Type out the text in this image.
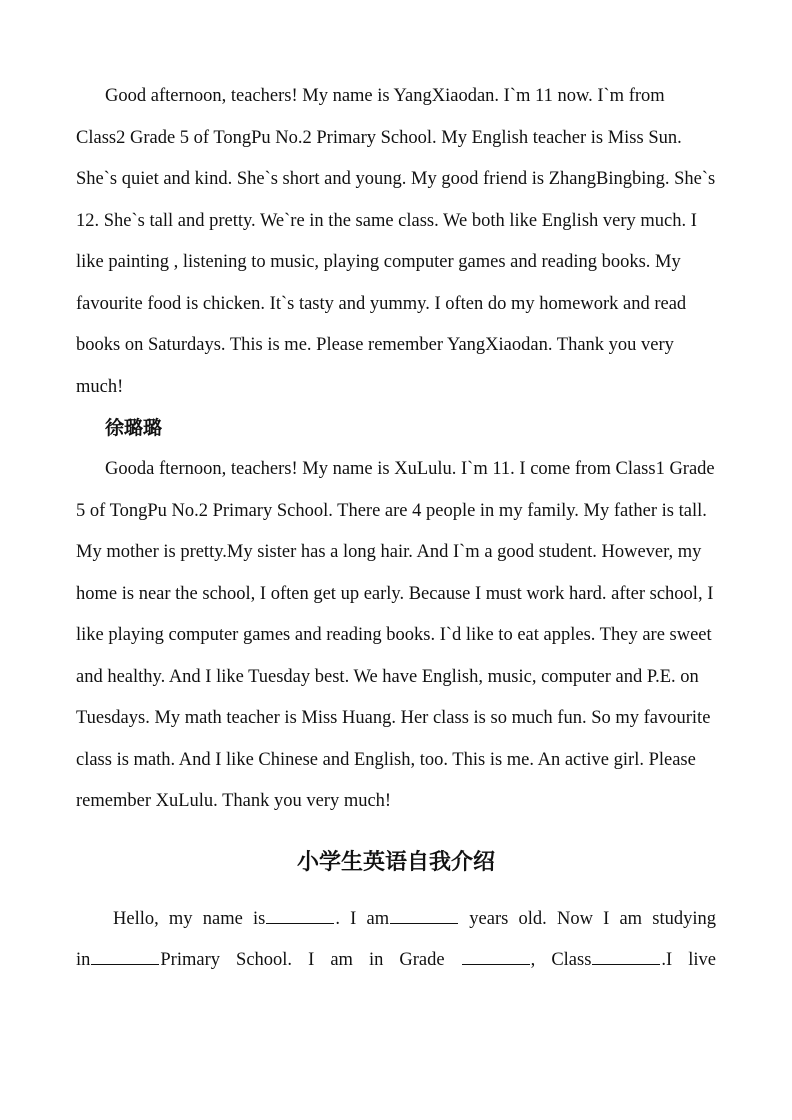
Good afternoon, teachers! My name is YangXiaodan. I`m 11 now. I`m from Class2 Grade 5 of TongPu No.2 Primary School. My English teacher is Miss Sun. She`s quiet and kind. She`s short and young. My good friend is ZhangBingbing. She`s 12. She`s tall and pretty. We`re in the same class. We both like English very much. I like painting , listening to music, playing computer games and reading books. My favourite food is chicken. It`s tasty and yummy. I often do my homework and read books on Saturdays. This is me. Please remember YangXiaodan. Thank you very much!

徐璐璐

Gooda fternoon, teachers! My name is XuLulu. I`m 11. I come from Class1 Grade 5 of TongPu No.2 Primary School. There are 4 people in my family. My father is tall. My mother is pretty.My sister has a long hair. And I`m a good student. However, my home is near the school, I often get up early. Because I must work hard. after school, I like playing computer games and reading books. I`d like to eat apples. They are sweet and healthy. And I like Tuesday best. We have English, music, computer and P.E. on Tuesdays. My math teacher is Miss Huang. Her class is so much fun. So my favourite class is math. And I like Chinese and English, too. This is me. An active girl. Please remember XuLulu. Thank you very much!

小学生英语自我介绍

Hello, my name is	. I am	years old. Now I am studying

in	Primary School. I am in Grade	, Class	.I live
